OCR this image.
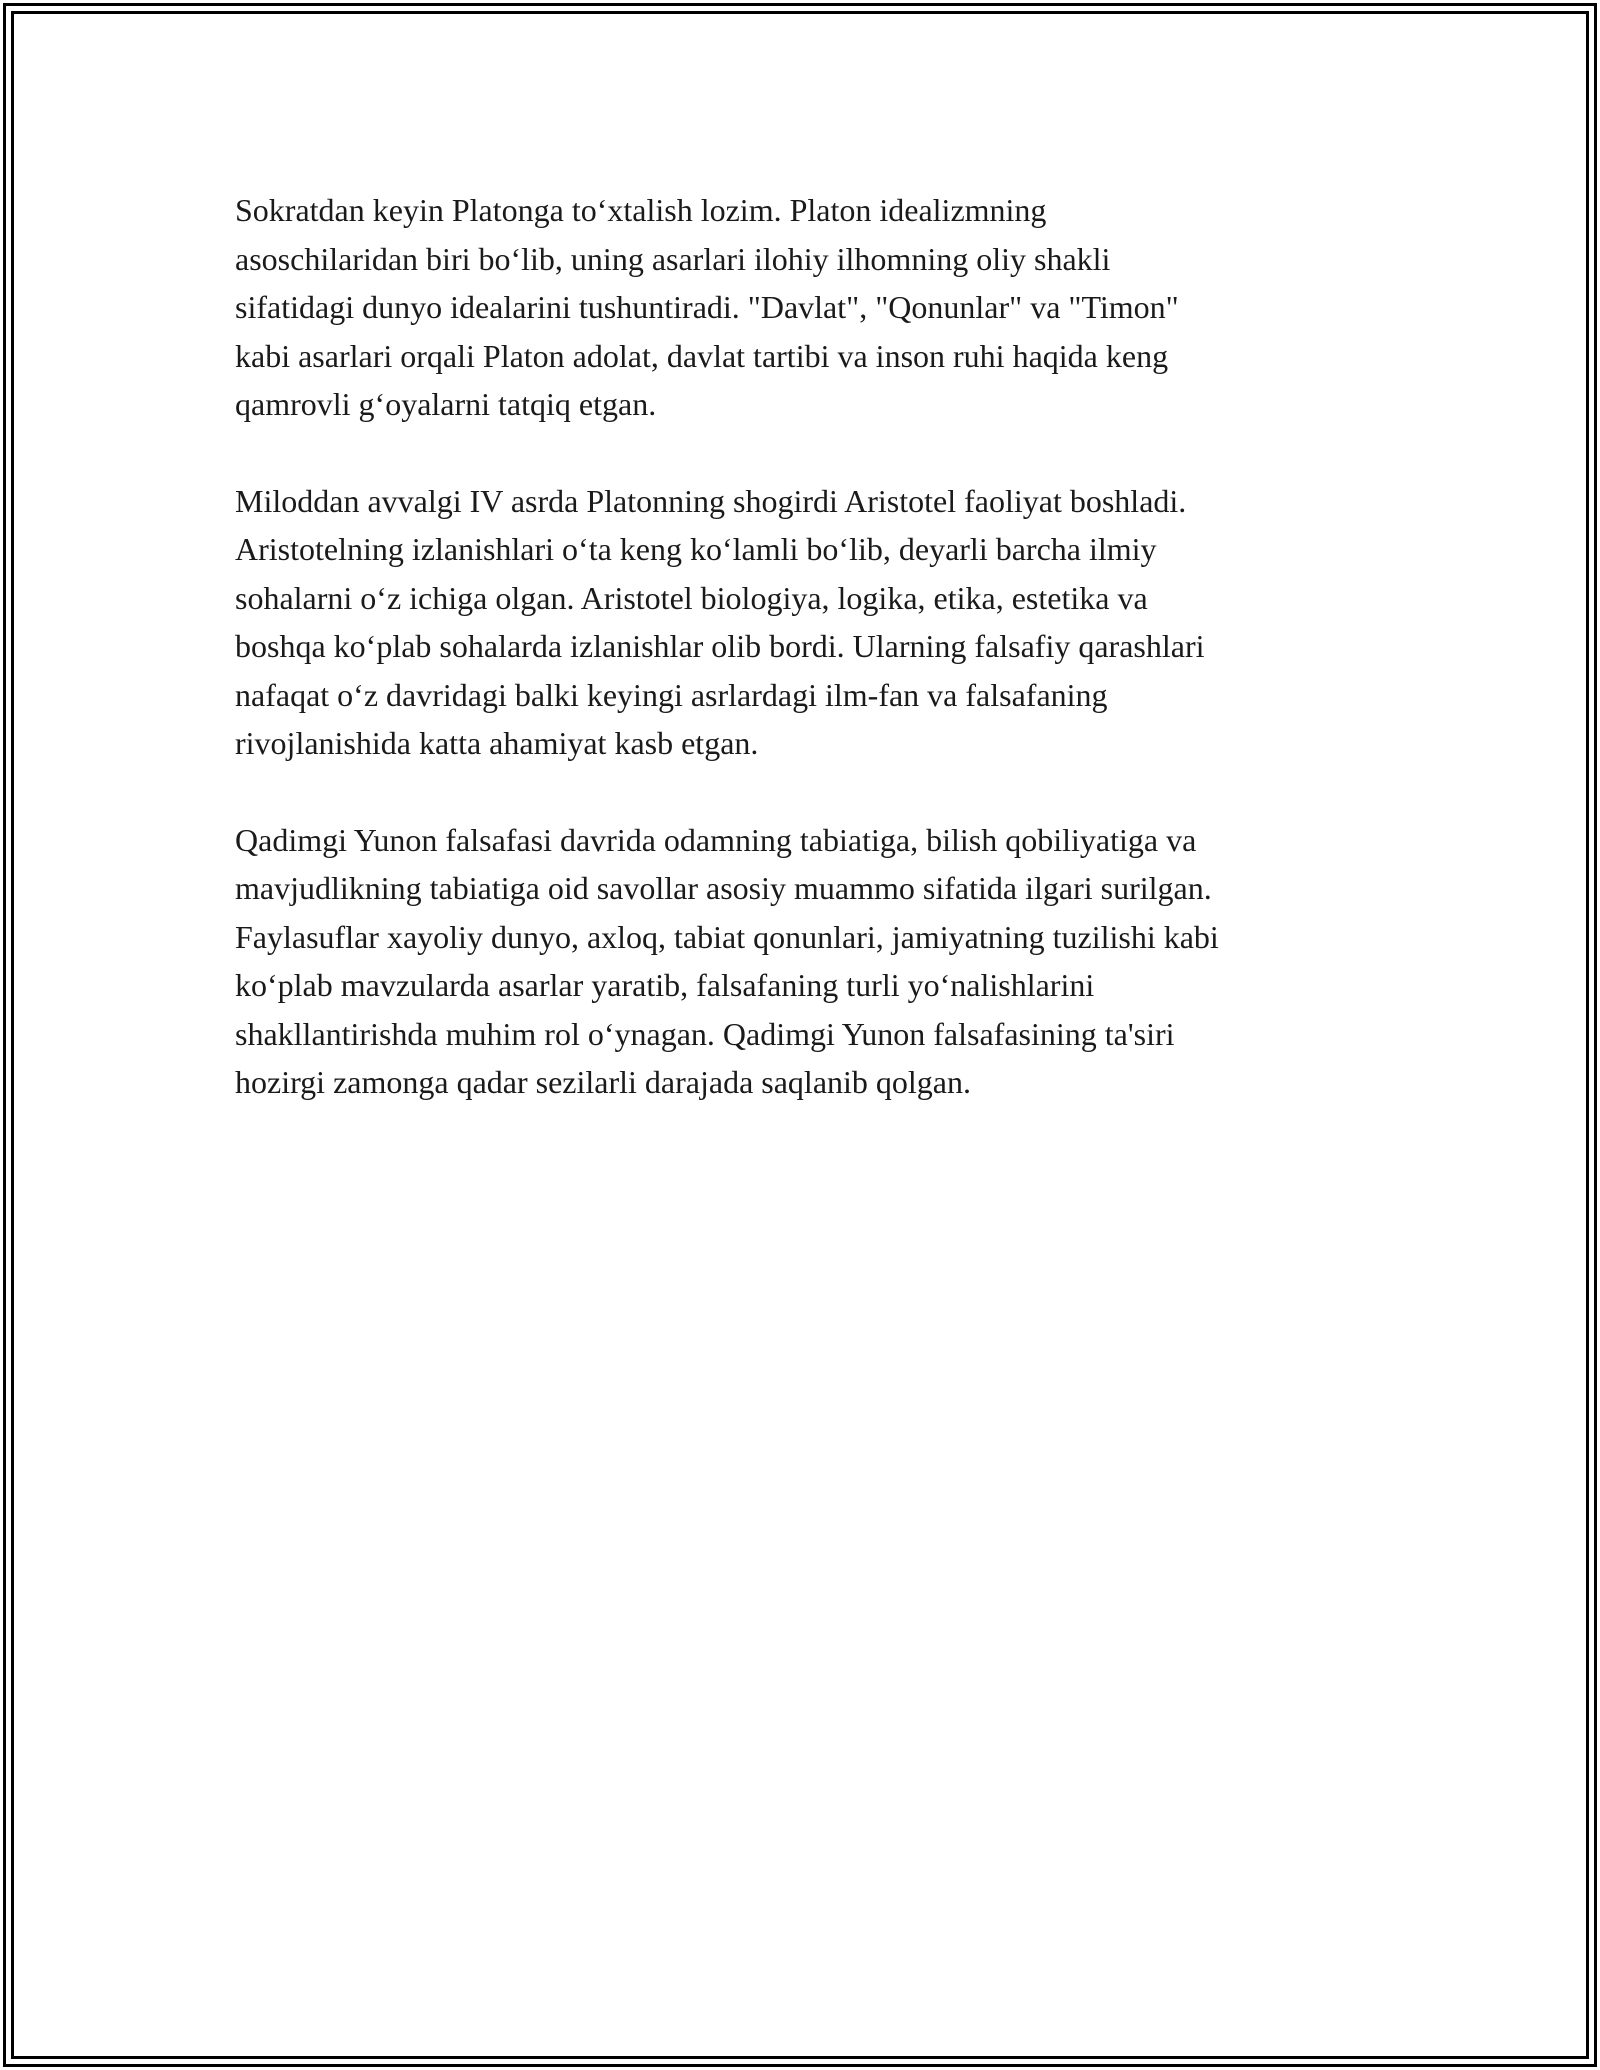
Sokratdan keyin Platonga to‘xtalish lozim. Platon idealizmning
asoschilaridan biri bo‘lib, uning asarlari ilohiy ilhomning oliy shakli
sifatidagi dunyo idealarini tushuntiradi. "Davlat", "Qonunlar" va "Timon"
kabi asarlari orqali Platon adolat, davlat tartibi va inson ruhi haqida keng
qamrovli g‘oyalarni tatqiq etgan.

Miloddan avvalgi IV asrda Platonning shogirdi Aristotel faoliyat boshladi.
Aristotelning izlanishlari o‘ta keng ko‘lamli bo‘lib, deyarli barcha ilmiy
sohalarni o‘z ichiga olgan. Aristotel biologiya, logika, etika, estetika va
boshqa ko‘plab sohalarda izlanishlar olib bordi. Ularning falsafiy qarashlari
nafaqat o‘z davridagi balki keyingi asrlardagi ilm-fan va falsafaning
rivojlanishida katta ahamiyat kasb etgan.

Qadimgi Yunon falsafasi davrida odamning tabiatiga, bilish qobiliyatiga va
mavjudlikning tabiatiga oid savollar asosiy muammo sifatida ilgari surilgan.
Faylasuflar xayoliy dunyo, axloq, tabiat qonunlari, jamiyatning tuzilishi kabi
ko‘plab mavzularda asarlar yaratib, falsafaning turli yo‘nalishlarini
shakllantirishda muhim rol o‘ynagan. Qadimgi Yunon falsafasining ta'siri
hozirgi zamonga qadar sezilarli darajada saqlanib qolgan.
